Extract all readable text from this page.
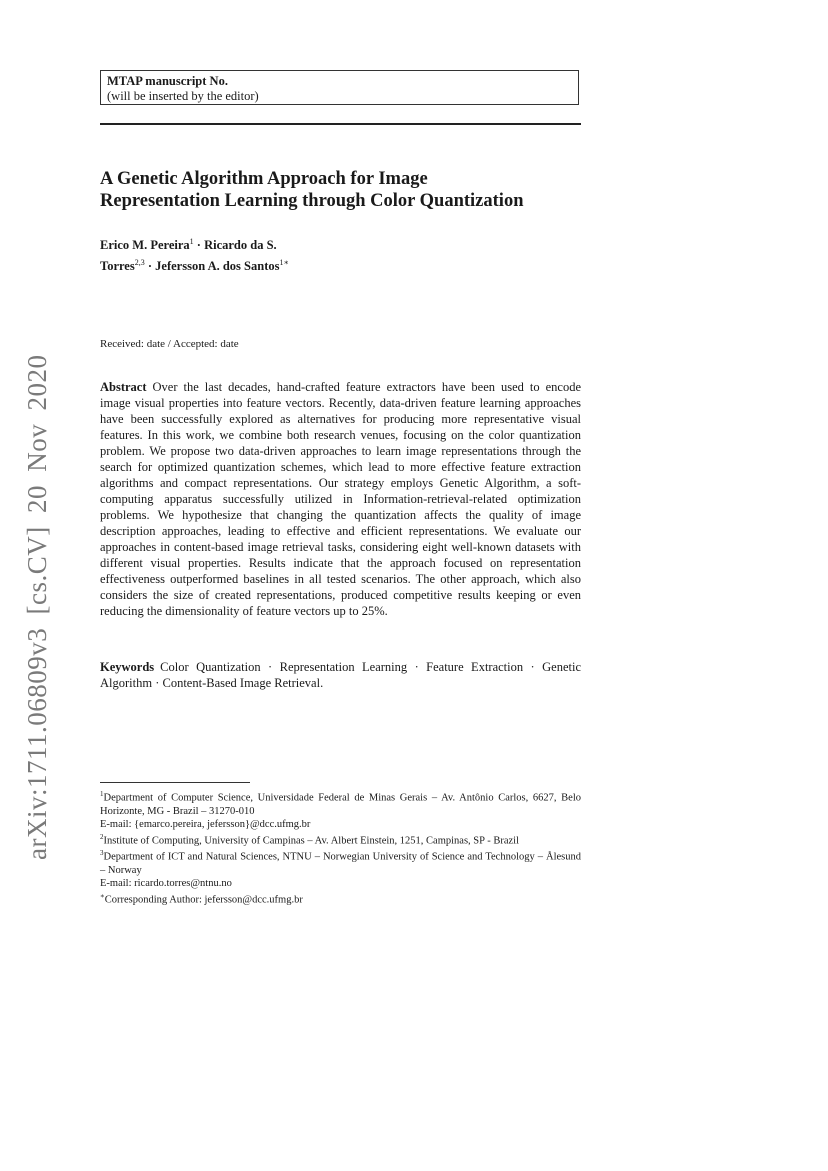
MTAP manuscript No.
(will be inserted by the editor)
A Genetic Algorithm Approach for Image
Representation Learning through Color Quantization
Erico M. Pereira$^1$ · Ricardo da S.
Torres$^{2,3}$ · Jefersson A. dos Santos$^{1∗}$
Received: date / Accepted: date
Abstract Over the last decades, hand-crafted feature extractors have been used to encode image visual properties into feature vectors. Recently, data-driven feature learning approaches have been successfully explored as alternatives for producing more representative visual features. In this work, we combine both research venues, focusing on the color quantization problem. We propose two data-driven approaches to learn image representations through the search for optimized quantization schemes, which lead to more effective feature extraction algorithms and compact representations. Our strategy employs Genetic Algorithm, a soft-computing apparatus successfully utilized in Information-retrieval-related optimization problems. We hypothesize that changing the quantization affects the quality of image description approaches, leading to effective and efficient representations. We evaluate our approaches in content-based image retrieval tasks, considering eight well-known datasets with different visual properties. Results indicate that the approach focused on representation effectiveness outperformed baselines in all tested scenarios. The other approach, which also considers the size of created representations, produced competitive results keeping or even reducing the dimensionality of feature vectors up to 25%.
Keywords Color Quantization · Representation Learning · Feature Extraction · Genetic Algorithm · Content-Based Image Retrieval.
$^1$Department of Computer Science, Universidade Federal de Minas Gerais – Av. Antônio Carlos, 6627, Belo Horizonte, MG - Brazil – 31270-010
E-mail: {emarco.pereira, jefersson}@dcc.ufmg.br
$^2$Institute of Computing, University of Campinas – Av. Albert Einstein, 1251, Campinas, SP - Brazil
$^3$Department of ICT and Natural Sciences, NTNU – Norwegian University of Science and Technology – Ålesund – Norway
E-mail: ricardo.torres@ntnu.no
∗Corresponding Author: jefersson@dcc.ufmg.br
arXiv:1711.06809v3 [cs.CV] 20 Nov 2020
